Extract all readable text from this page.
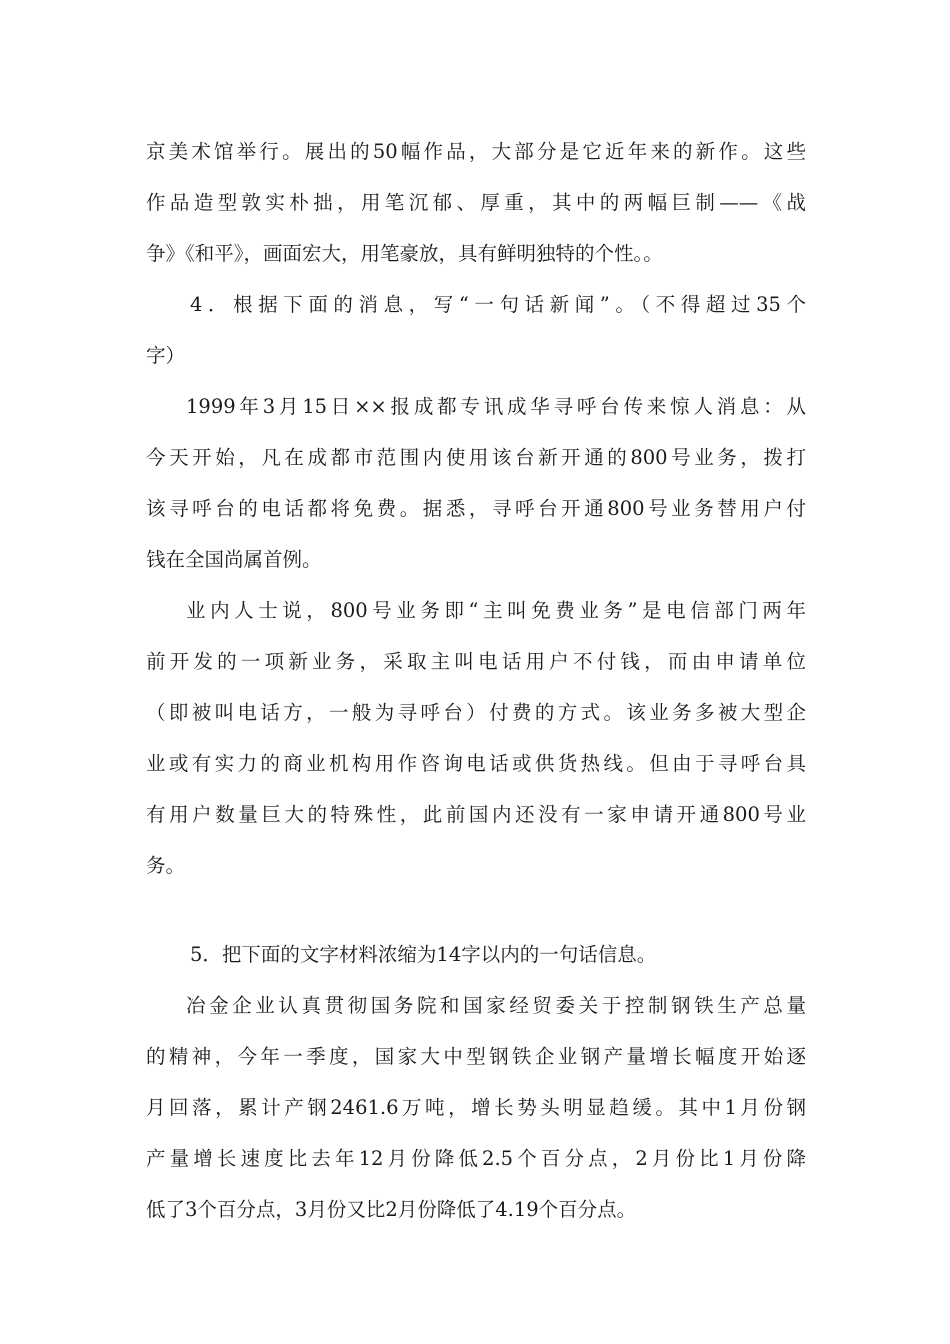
京美术馆举行。展出的50幅作品，大部分是它近年来的新作。这些
作品造型敦实朴拙，用笔沉郁、厚重，其中的两幅巨制——《战
争》《和平》，画面宏大，用笔豪放，具有鲜明独特的个性。。
4．根据下面的消息，写“一句话新闻”。（不得超过35个
字）
1999年3月15日××报成都专讯成华寻呼台传来惊人消息：从
今天开始，凡在成都市范围内使用该台新开通的800号业务，拨打
该寻呼台的电话都将免费。据悉，寻呼台开通800号业务替用户付
钱在全国尚属首例。
业内人士说，800号业务即“主叫免费业务”是电信部门两年
前开发的一项新业务，采取主叫电话用户不付钱，而由申请单位
（即被叫电话方，一般为寻呼台）付费的方式。该业务多被大型企
业或有实力的商业机构用作咨询电话或供货热线。但由于寻呼台具
有用户数量巨大的特殊性，此前国内还没有一家申请开通800号业
务。
5．把下面的文字材料浓缩为14字以内的一句话信息。
冶金企业认真贯彻国务院和国家经贸委关于控制钢铁生产总量
的精神，今年一季度，国家大中型钢铁企业钢产量增长幅度开始逐
月回落，累计产钢2461.6万吨，增长势头明显趋缓。其中1月份钢
产量增长速度比去年12月份降低2.5个百分点，2月份比1月份降
低了3个百分点，3月份又比2月份降低了4.19个百分点。
